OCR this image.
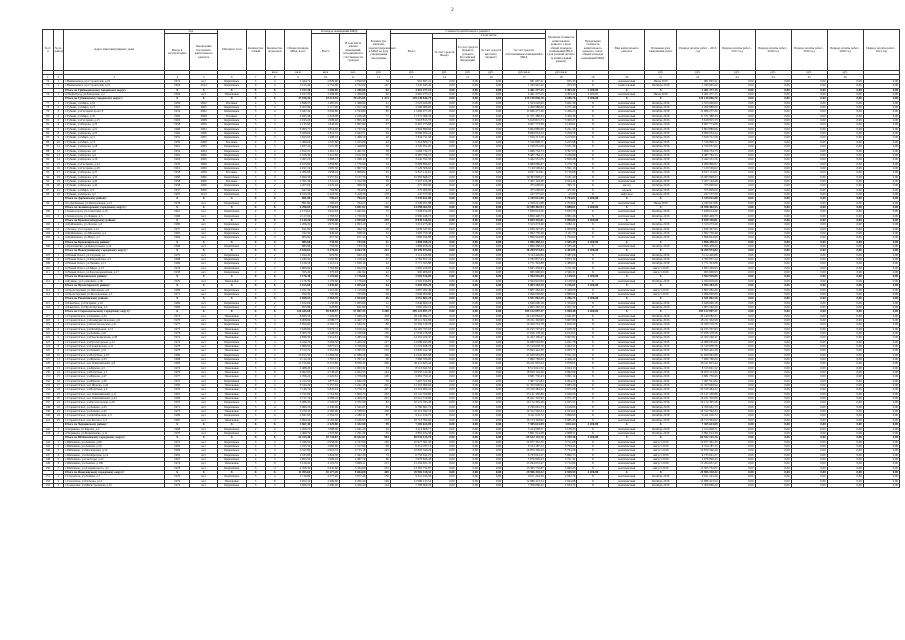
2
№ п/п	№ по району	Адрес многоквартирного дома	Год		Материал стен	Количество этажей	Количество подъездов	Общая площадь МКД, всего	Площадь помещений МКД:		Количество жителей, зарегистрированных в МКД на дату утверждения программы	Стоимость капитального ремонта					Удельная стоимость капитального ремонта 1 кв.м. общей площади помещений МКД (для разовой оплаты за капитальный ремонт)	Предельная стоимость капитального ремонта 1 кв.м. общей площади помещений МКД	Вид капитального ремонта	Плановая дата завершения работ	Период оплаты работ - 2016 год	Период оплаты работ - 2017 год	Период оплаты работ - 2018 год	Период оплаты работ - 2019 год	Период оплаты работ - 2020 год	Период оплаты работ - 2021 год
			Ввода в эксплуатацию	Проведения последнего капитального ремонта					Всего	В том числе жилых помещений, находящихся в собственности граждан		Всего	в том числе:													
													За счет средств Фонда	За счет средств бюджета субъекта Российской Федерации	За счет средств местного бюджета	За счет средств собственников помещений в МКД										
							кв.м	кв.м	кв.м	чел.	руб.	руб.	руб.	руб.	руб.	руб./кв.м	руб./кв.м			руб.	руб.	руб.	руб.	руб.	руб.	
1	2	3	4	5	6	7	8	9	10	11	12	13	14	15	16	17	18	19	20	21	22	23	24	25	26	
74	1	г.Нижнекамск, пр.Строителей, д.16	1974	нет	Кирпичные	5	4	3 444,72	2 829,90	2 829,90	59	961 697,21	0,00	0,00	0,00	961 697,21	935,35	X	комплексный	Июнь 2016	961 697,21	0,00	0,00	0,00	0,00	0,00
75	1	г.Нижнекамск, пр.Строителей, д.15	1993	2014	Кирпичные	9	4	5 155,40	4 752,00	4 752,00	147	1 345 945,42	0,00	0,00	0,00	1 345 945,42	253,35	X	капитальный	Октябрь 2016	1 345 945,42	0,00	0,00	0,00	0,00	0,00
		Итого по Грибоедовскому городскому округу	X	X	X	X	X	1 917,30	1 206,00	1 206,00	62	4 461 277,15	0,00	0,00	0,00	4 461 277,15	3 493,42	4 200,00	X	X	4 461 277,15	0,00	0,00	0,00	0,00	0,00
76	1	п.Нефтеброд, ул.Заводская, д.2	1984	нет	Панельные	5	3	1 917,30	1 206,00	1 206,00	62	4 461 277,15	0,00	0,00	0,00	4 461 277,15	3 493,42	4 200,00	комплексный	Июнь 2016	4 461 277,15	0,00	0,00	0,00	0,00	0,00
		Итого по Губкинскому городскому округу:	X	X	X	X	X	37 100,30	43 314,35	39 235,85	1 473	129 149 846,70	0,00	0,00	0,00	129 149 846,70	3 186,76	4 200,00	X	X	129 149 846,70	0,00	0,00	0,00	0,00	0,00
77	1	г.Губкин, ул.Мира, д.10	1959	2002	Блочные	4	3	1 848,57	1 487,05	1 368,90	41	2 523 020,00	0,00	0,00	0,00	2 523 020,00	3 061,39	X	комплексный	Октябрь 2016	2 523 020,00	0,00	0,00	0,00	0,00	0,00
78	2	г.Губкин, ул.Мира, д.15	1961	2005	Кирпичные	5	4	3 457,80	2 117,90	1 917,20	90	4 290 986,00	0,00	0,00	0,00	4 290 986,00	3 271,48	X	комплексный	Октябрь 2016	4 290 986,00	0,00	0,00	0,00	0,00	0,00
79	3	г.Губкин, ул.Гагарина пр-кт, 8	1954	2002	Кирпичные	5	4	3 447,20	3 004,80	2 763,80	85	11 966 277,20	0,00	0,00	0,00	11 966 277,20	3 456,23	X	комплексный	Октябрь 2016	11 966 277,20	0,00	0,00	0,00	0,00	0,00
80	4	г.Губкин, ул.Мира, д.35	1960	2008	Блочные	4	3	2 645,48	2 318,08	2 229,48	71	11 371 380,33	0,00	0,00	0,00	11 371 380,33	3 400,39	X	комплексный	Октябрь 2016	11 371 380,33	0,00	0,00	0,00	0,00	0,00
81	5	г.Губкин, ул.Гагарина, д.15	1963	2008	Кирпичные	5	4	2 193,20	1 906,40	1 805,40	45	5 618 815,73	0,00	0,00	0,00	5 618 815,73	3 303,27	X	комплексный	Октябрь 2016	5 618 815,73	0,00	0,00	0,00	0,00	0,00
82	6	г.Губкин, ул.Кирова, д.25	1958	2006	Кирпичные	5	3	2 135,90	1 844,20	1 697,90	57	6 907 773,68	0,00	0,00	0,00	6 907 773,68	3 148,61	X	комплексный	Октябрь 2016	6 907 773,68	0,00	0,00	0,00	0,00	0,00
83	7	г.Губкин, ул.Кирова, д.21	1960	2004	Кирпичные	4	3	3 093,77	1 814,40	1 727,24	73	3 804 880,66	0,00	0,00	0,00	3 804 880,66	3 221,43	X	комплексный	Октябрь 2016	3 804 880,66	0,00	0,00	0,00	0,00	0,00
84	8	г.Губкин, ул.Кирова, д.25	1962	2006	Кирпичные	5	3	3 429,64	2 811,37	2 643,71	64	8 999 054,24	0,00	0,00	0,00	8 999 054,24	3 220,56	X	комплексный	Октябрь 2016	8 999 054,24	0,00	0,00	0,00	0,00	0,00
85	9	г.Губкин, ул.Мира, д.11	1955	2005	Кирпичные	3	2	1 625,63	1 498,16	1 498,16	40	7 819 711,58	0,00	0,00	0,00	7 819 711,58	3 213,63	X	комплексный	Октябрь 2016	7 819 711,58	0,00	0,00	0,00	0,00	0,00
86	10	г.Губкин, ул.Мира, д.13	1959	2008	Блочные	4	3	1 499,00	1 325,80	1 325,80	49	5 316 806,71	0,00	0,00	0,00	5 316 806,71	3 225,98	X	комплексный	Октябрь 2016	5 316 806,71	0,00	0,00	0,00	0,00	0,00
87	11	г.Губкин, ул.Кирова, д.18	1961	2005	Кирпичные	4	3	1 637,20	1 521,90	1 428,80	36	4 720 051,00	0,00	0,00	0,00	4 720 051,00	3 101,39	X	комплексный	Октябрь 2016	4 720 051,00	0,00	0,00	0,00	0,00	0,00
88	12	г.Губкин, ул.Кирова, д.8	1954	2004	Кирпичные	3	2	1 812,21	1 491,51	1 491,51	38	5 066 734,73	0,00	0,00	0,00	5 066 734,73	3 397,03	X	комплексный	Октябрь 2016	5 066 734,73	0,00	0,00	0,00	0,00	0,00
89	13	г.Губкин, ул.Кирова, д.4	1962	2006	Кирпичные	5	4	3 108,30	2 611,80	2 611,80	79	8 487 784,15	0,00	0,00	0,00	8 487 784,15	3 249,80	X	комплексный	Октябрь 2016	8 487 784,15	0,00	0,00	0,00	0,00	0,00
90	14	г.Губкин, ул.Кирова, д.16	1963	2006	Кирпичные	4	3	1 267,23	1 208,13	1 208,13	37	3 442 551,56	0,00	0,00	0,00	3 442 551,56	2 849,48	X	комплексный	Октябрь 2016	3 442 551,56	0,00	0,00	0,00	0,00	0,00
91	15	г.Губкин, ул.Гагарина, д.24	1970	2006	Кирпичные	5	3	2 103,60	1 856,80	1 776,90	54	6 089 896,67	0,00	0,00	0,00	6 089 896,67	3 279,78	X	комплексный	Октябрь 2016	6 089 896,67	0,00	0,00	0,00	0,00	0,00
92	16	г.Губкин, ул.Гагарина, д.28	1961	2006	Кирпичные	5	3	2 197,10	1 985,30	1 867,50	53	7 129 506,62	0,00	0,00	0,00	7 129 506,62	3 591,16	X	комплексный	Октябрь 2016	7 129 506,62	0,00	0,00	0,00	0,00	0,00
93	17	г.Губкин, ул.Кирова, д.27	1958	2006	Блочные	4	3	2 281,88	1 958,24	1 908,64	63	9 817 114,61	0,00	0,00	0,00	9 817 114,61	3 716,68	X	комплексный	Октябрь 2016	9 817 114,61	0,00	0,00	0,00	0,00	0,00
94	18	г.Губкин, ул.Кирова, д.33	1960	2006	Кирпичные	5	4	3 826,30	3 257,64	3 157,76	83	10 363 848,27	0,00	0,00	0,00	10 363 848,27	3 181,40	X	комплексный	Октябрь 2016	10 363 848,27	0,00	0,00	0,00	0,00	0,00
95	19	г.Губкин, ул.Кирова, д.40	1958	2006	Блочные	4	3	1 701,36	1 511,24	1 412,36	39	7 457 124,48	0,00	0,00	0,00	7 457 124,48	4 934,44	X	комплексный	Октябрь 2016	7 457 124,48	0,00	0,00	0,00	0,00	0,00
96	20	г.Губкин, ул.Кирова, д.42	1958	2006	Кирпичные	3	2	1 207,00	1 025,40	968,30	28	375 000,00	0,00	0,00	0,00	375 000,00	365,71	X	фасад	Октябрь 2016	375 000,00	0,00	0,00	0,00	0,00	0,00
97	21	г.Губкин, ул.Мира, д.3	1957	2006	Кирпичные	3	2	947,99	794,80	794,80	23	375 000,00	0,00	0,00	0,00	375 000,00	471,81	X	кровля	Октябрь 2016	375 000,00	0,00	0,00	0,00	0,00	0,00
98	22	г.Губкин, ул.Кирова, д.2	1997	2014	Кирпичные	5	4	6 015,20	5 418,30	5 418,30	178	247 577,00	0,00	0,00	0,00	247 577,00	45,69	X	лифтовое	Октябрь 2016	247 577,00	0,00	0,00	0,00	0,00	0,00
		Итого по Дербенскому району:	X	X	X	X	X	891,80	794,23	794,23	41	2 339 021,88	0,00	0,00	0,00	2 339 021,88	2 704,02	4 200,00	X	X	2 339 021,88	0,00	0,00	0,00	0,00	0,00
99	1	пгт.Дербеньки, ул.Центральная, д.15	1978	нет	Кирпичные	2	2	891,80	794,23	794,23	41	2 339 021,88	0,00	0,00	0,00	2 339 021,88	2 704,02	X	комплексный	Июнь 2016	2 339 021,88	0,00	0,00	0,00	0,00	0,00
		Итого по Зеленогорскому городскому округу:	X	X	X	X	X	4 290,05	3 734,94	3 691,92	126	14 598 462,93	0,00	0,00	0,00	14 598 462,93	3 888,01	4 200,00	X	X	14 598 462,93	0,00	0,00	0,00	0,00	0,00
100	1	г.Зеленогорск, ул.Советская, д.13	1961	нет	Кирпичные	4	3	2 173,01	1 941,62	1 941,62	75	7 638 014,20	0,00	0,00	0,00	7 638 014,20	3 933,79	X	комплексный	Октябрь 2016	7 638 014,20	0,00	0,00	0,00	0,00	0,00
101	2	г.Зеленогорск, ул.Ленина, д.5	1960	нет	Кирпичные	4	3	2 117,04	1 793,32	1 750,30	51	6 960 448,73	0,00	0,00	0,00	6 960 448,73	3 881,26	X	комплексный	Октябрь 2016	6 960 448,73	0,00	0,00	0,00	0,00	0,00
		Итого по Краснослободскому району:	X	X	X	X	X	3 144,20	2 955,40	2 935,60	139	8 839 316,81	0,00	0,00	0,00	8 839 316,81	2 990,84	4 200,00	X	X	8 839 316,81	0,00	0,00	0,00	0,00	0,00
102	1	п.Куйбышево, ул.Лесная, д.3	1980	нет	Кирпичные	2	2	1 206,20	1 075,00	1 063,10	47	3 313 273,40	0,00	0,00	0,00	3 313 273,40	3 082,11	X	комплексный	Октябрь 2016	3 313 273,40	0,00	0,00	0,00	0,00	0,00
103	2	с.Лесное, ул.Садовая, д.21	1957	нет	Кирпичные	2	2	611,80	562,50	562,50	28	1 636 347,95	0,00	0,00	0,00	1 636 347,95	2 909,06	X	комплексный	Октябрь 2016	1 636 347,95	0,00	0,00	0,00	0,00	0,00
104	3	п.Куйбышево, ул.Школьная, д.4	1965	нет	Кирпичные	2	2	722,30	640,40	638,50	33	1 992 750,48	0,00	0,00	0,00	1 992 750,48	3 111,73	X	комплексный	Октябрь 2016	1 992 750,48	0,00	0,00	0,00	0,00	0,00
105	4	п.Куйбышево, ул.Мира, д.7	1964	нет	Кирпичные	2	2	603,90	677,50	671,50	31	1 896 944,98	0,00	0,00	0,00	1 896 944,98	2 799,92	X	комплексный	Октябрь 2016	1 896 944,98	0,00	0,00	0,00	0,00	0,00
		Итого по Красноярскому району:	X	X	X	X	X	885,68	733,50	733,50	41	1 896 458,24	0,00	0,00	0,00	1 896 458,24	2 585,49	4 200,00	X	X	1 896 458,24	0,00	0,00	0,00	0,00	0,00
106	1	с.Красный Яр, ул.Центральная, д.14	1968	нет	Кирпичные	2	2	885,68	733,50	733,50	41	1 896 458,24	0,00	0,00	0,00	1 896 458,24	2 585,49	X	комплексный	Октябрь 2016	1 896 458,24	0,00	0,00	0,00	0,00	0,00
		Итого по Новокузнецкому городскому округу:	X	X	X	X	X	5 630,04	5 376,26	4 944,78	223	18 299 974,84	0,00	0,00	0,00	18 299 974,84	3 403,85	4 200,00	X	X	18 299 974,84	0,00	0,00	0,00	0,00	0,00
107	1	п.Новый Оскол, ул.Садовая, д.1	1970	нет	Кирпичные	2	2	1 044,42	919,50	842,30	46	3 114 426,86	0,00	0,00	0,00	3 114 426,86	3 387,09	X	комплексный	Октябрь 2016	3 114 426,86	0,00	0,00	0,00	0,00	0,00
108	2	п.Новый Оскол, ул.Гвардейская, д.5	1968	нет	Кирпичные	2	2	1 240,34	1 203,80	1 158,40	47	4 782 857,24	0,00	0,00	0,00	4 782 857,24	3 973,10	X	комплексный	Октябрь 2016	4 782 857,24	0,00	0,00	0,00	0,00	0,00
109	3	п.Новый Оскол, ул.Ленина, д.11	1969	нет	Кирпичные	2	2	1 129,18	1 113,14	1 050,16	44	2 771 323,88	0,00	0,00	0,00	2 771 323,88	2 489,65	X	комплексный	Октябрь 2016	2 771 323,88	0,00	0,00	0,00	0,00	0,00
110	4	п.Новый Оскол, ул.Мира, д.13	1976	нет	Кирпичные	2	2	1 860,90	1 763,89	1 652,00	64	5 665 459,93	0,00	0,00	0,00	5 665 459,93	3 211,90	X	комплексный	Август 2016	5 665 459,93	0,00	0,00	0,00	0,00	0,00
111	5	п.Новый Оскол, ул.Красноармейская, д.17	1958	нет	Кирпичные	2	2	355,20	375,93	241,92	22	965 906,93	0,00	0,00	0,00	965 906,93	2 569,31	X	комплексный	Август 2016	965 906,93	0,00	0,00	0,00	0,00	0,00
		Итого по Павловскому району:	X	X	X	X	X	1 176,30	1 176,60	1 176,60	51	2 504 916,09	0,00	0,00	0,00	2 504 916,09	2 128,93	4 200,00	X	X	2 504 916,09	0,00	0,00	0,00	0,00	0,00
112	1	п.Бунино, ул.Солнечная, д.1Б	1979	нет	Панельные	2	2	1 176,30	1 176,60	1 176,60	51	2 504 916,09	0,00	0,00	0,00	2 504 916,09	2 128,93	X	комплексный	Октябрь 2016	2 504 916,09	0,00	0,00	0,00	0,00	0,00
		Итого по Пролетарскому району:	X	X	X	X	X	2 013,60	1 835,60	1 835,60	64	5 903 283,29	0,00	0,00	0,00	5 903 283,29	3 216,01	4 200,00	X	X	5 903 283,29	0,00	0,00	0,00	0,00	0,00
113	1	п.Пролетарский, ул.Школьная, д.8	1969	нет	Кирпичные	2	2	1 221,30	1 110,00	1 110,00	38	3 807 282,49	0,00	0,00	0,00	3 807 282,49	3 430,00	X	комплексный	Август 2016	3 807 282,49	0,00	0,00	0,00	0,00	0,00
114	2	п.Пролетарский, ул.Молодежная, д.3	1971	нет	Кирпичные	2	2	792,30	725,60	725,60	26	2 096 000,80	0,00	0,00	0,00	2 096 000,80	2 888,64	X	комплексный	Август 2016	2 096 000,80	0,00	0,00	0,00	0,00	0,00
		Итого по Ракитянскому району:	X	X	X	X	X	2 058,53	2 062,70	1 924,80	66	4 551 862,28	0,00	0,00	0,00	4 551 862,28	2 206,75	4 200,00	X	X	4 551 862,28	0,00	0,00	0,00	0,00	0,00
115	1	п.Ракитное, ул.Гагарина, д.10	1969	нет	Кирпичные	2	2	1 102,64	1 133,90	1 003,00	41	2 646 600,18	0,00	0,00	0,00	2 646 600,18	2 334,00	X	комплексный	Октябрь 2016	2 646 600,18	0,00	0,00	0,00	0,00	0,00
116	2	п.Ракитное, ул.Пролетарская, д.4	1969	нет	Кирпичные	2	2	955,89	928,80	921,80	25	1 905 262,10	0,00	0,00	0,00	1 905 262,10	2 051,32	X	комплексный	Октябрь 2016	1 905 262,10	0,00	0,00	0,00	0,00	0,00
		Итого по Старооскольскому городскому округу:	X	X	X	X	X	126 445,68	99 830,57	97 897,23	4 200	399 122 097,27	0,00	0,00	0,00	399 122 097,27	3 998,48	4 200,00	X	X	399 122 097,27	0,00	0,00	0,00	0,00	0,00
117	1	г.Старый Оскол, ул.Ленина, д.43	1973	нет	Панельные	9	4	8 830,50	7 209,90	7 069,22	338	29 140 082,27	0,00	0,00	0,00	29 140 082,27	4 041,67	X	комплексный	Октябрь 2016	29 140 082,27	0,00	0,00	0,00	0,00	0,00
118	2	г.Старый Оскол, ул.Коммунистическая, д.9	1970	нет	Кирпичные	5	4	6 008,60	4 589,77	4 447,17	139	18 211 302,98	0,00	0,00	0,00	18 211 302,98	3 967,80	X	комплексный	Октябрь 2016	18 211 302,98	0,00	0,00	0,00	0,00	0,00
119	3	г.Старый Оскол, ул.Комсомольская, д.21	1977	нет	Кирпичные	5	4	3 050,00	2 595,73	2 562,32	80	10 459 719,78	0,00	0,00	0,00	10 459 719,78	4 029,50	X	комплексный	Октябрь 2016	10 459 719,78	0,00	0,00	0,00	0,00	0,00
120	4	г.Старый Оскол, ул.Октябрьская, д.15	1975	нет	Панельные	9	4	7 638,80	5 976,73	5 916,24	230	24 195 707,63	0,00	0,00	0,00	24 195 707,63	4 048,30	X	комплексный	Октябрь 2016	24 195 707,63	0,00	0,00	0,00	0,00	0,00
121	5	г.Старый Оскол, ул.Ленина, д.67	1976	нет	Панельные	5	6	5 505,70	4 248,58	4 109,98	159	17 056 178,58	0,00	0,00	0,00	17 056 178,58	4 014,55	X	комплексный	Октябрь 2016	17 056 178,58	0,00	0,00	0,00	0,00	0,00
122	6	г.Старый Оскол, ул.Революционная, д.38	1974	нет	Панельные	5	4	4 836,30	3 614,81	3 485,54	136	14 452 100,47	0,00	0,00	0,00	14 452 100,47	3 997,81	X	комплексный	Октябрь 2016	14 452 100,47	0,00	0,00	0,00	0,00	0,00
123	7	г.Старый Оскол, ул.Пролетарская, д.12	1972	нет	Кирпичные	5	4	4 432,70	3 494,50	3 420,30	127	14 089 045,09	0,00	0,00	0,00	14 089 045,09	4 031,78	X	комплексный	Октябрь 2016	14 089 045,09	0,00	0,00	0,00	0,00	0,00
124	8	г.Старый Оскол, ул.Гражданская, д.11	1978	нет	Панельные	9	2	4 998,50	3 877,43	3 798,80	146	15 519 638,78	0,00	0,00	0,00	15 519 638,78	4 002,57	X	комплексный	Октябрь 2016	15 519 638,78	0,00	0,00	0,00	0,00	0,00
125	9	г.Старый Оскол, ул.Ленина, д.51	1978	нет	Панельные	5	4	4 512,74	3 451,84	3 395,54	133	13 820 442,38	0,00	0,00	0,00	13 820 442,38	4 003,77	X	комплексный	Октябрь 2016	13 820 442,38	0,00	0,00	0,00	0,00	0,00
126	10	г.Старый Оскол, ул.Ватутина, д.18	1980	нет	Кирпичные	9	4	13 815,30	11 806,38	11 686,28	346	41 929 965,88	0,00	0,00	0,00	41 929 965,88	3 551,43	X	комплексный	Октябрь 2016	41 929 965,88	0,00	0,00	0,00	0,00	0,00
127	11	г.Старый Оскол, ул.Жукова, д.23	1968	нет	Кирпичные	5	2	2 112,10	1 797,21	1 797,21	56	7 990 760,00	0,00	0,00	0,00	7 990 760,00	4 446,22	X	комплексный	Октябрь 2016	7 990 760,00	0,00	0,00	0,00	0,00	0,00
128	12	г.Старый Оскол, м-н Олимпийский, д.8	1983	нет	Панельные	9	4	11 155,60	9 151,80	8 959,30	299	36 411 823,44	0,00	0,00	0,00	36 411 823,44	3 978,65	X	комплексный	Октябрь 2016	36 411 823,44	0,00	0,00	0,00	0,00	0,00
129	13	г.Старый Оскол, ул.Жукова, д.5	1972	нет	Панельные	5	4	2 488,20	2 115,74	2 003,32	53	8 513 641,52	0,00	0,00	0,00	8 513 641,52	4 024,13	X	комплексный	Октябрь 2016	8 513 641,52	0,00	0,00	0,00	0,00	0,00
130	14	г.Старый Оскол, ул.Ватутина, д.1	1979	нет	Панельные	5	6	6 062,95	4 746,20	4 624,55	144	18 950 124,49	0,00	0,00	0,00	18 950 124,49	3 992,69	X	комплексный	Октябрь 2016	18 950 124,49	0,00	0,00	0,00	0,00	0,00
131	15	г.Старый Оскол, ул.Жукова, д.47	1977	нет	Панельные	9	4	2 706,24	2 425,81	2 376,08	106	9 681 750,43	0,00	0,00	0,00	9 681 750,43	3 991,14	X	комплексный	Октябрь 2016	9 681 750,43	0,00	0,00	0,00	0,00	0,00
132	16	г.Старый Оскол, ул.Жукова, д.39	1975	нет	Кирпичные	5	2	2 214,50	1 877,10	1 842,20	59	7 497 521,84	0,00	0,00	0,00	7 497 521,84	3 994,20	X	комплексный	Октябрь 2016	7 497 521,84	0,00	0,00	0,00	0,00	0,00
133	17	г.Старый Оскол, м-н Жукова, д.42	1982	нет	Панельные	9	4	6 534,20	5 357,94	5 241,38	201	21 353 090,94	0,00	0,00	0,00	21 353 090,94	3 985,26	X	комплексный	Октябрь 2016	21 353 090,94	0,00	0,00	0,00	0,00	0,00
134	18	г.Старый Оскол, ул.Ватутина, д.2	1979	нет	Панельные	9	4	7 146,70	5 870,43	5 770,13	207	23 316 484,22	0,00	0,00	0,00	23 316 484,22	3 971,86	X	комплексный	Октябрь 2016	23 316 484,22	0,00	0,00	0,00	0,00	0,00
135	19	г.Старый Оскол, м-н Олимпийский, д.11	1981	нет	Панельные	9	3	7 211,60	5 714,62	5 609,72	232	23 141 350,86	0,00	0,00	0,00	23 141 350,86	4 049,50	X	комплексный	Октябрь 2016	23 141 350,86	0,00	0,00	0,00	0,00	0,00
136	20	г.Старый Оскол, м-н Олимпийский, д.24	1983	нет	Панельные	9	4	5 717,10	4 588,16	4 409,23	201	18 221 310,99	0,00	0,00	0,00	18 221 310,99	3 971,37	X	комплексный	Октябрь 2016	18 221 310,99	0,00	0,00	0,00	0,00	0,00
137	21	г.Старый Оскол, ул.Пролетарская, д.59	1970	нет	Кирпичные	5	4	3 088,45	2 526,97	2 471,60	82	10 172 395,28	0,00	0,00	0,00	10 172 395,28	4 025,51	X	комплексный	Октябрь 2016	10 172 395,28	0,00	0,00	0,00	0,00	0,00
138	22	г.Старый Оскол, ул.Ленина, д.43	1971	нет	Кирпичные	5	4	3 066,10	2 430,06	2 341,67	83	9 760 661,73	0,00	0,00	0,00	9 760 661,73	4 016,63	X	комплексный	Октябрь 2016	9 760 661,73	0,00	0,00	0,00	0,00	0,00
139	23	г.Старый Оскол, ул.Ленина, д.45	1973	нет	Панельные	9	2	3 270,43	2 563,00	2 538,55	100	10 312 592,34	0,00	0,00	0,00	10 312 592,34	4 023,64	X	комплексный	Октябрь 2016	10 312 592,34	0,00	0,00	0,00	0,00	0,00
140	24	г.Старый Оскол, ул.Октябрьская, д.3	1969	нет	Кирпичные	5	4	2 947,93	2 354,55	2 289,11	87	9 411 016,72	0,00	0,00	0,00	9 411 016,72	3 996,95	X	комплексный	Октябрь 2016	9 411 016,72	0,00	0,00	0,00	0,00	0,00
141	25	г.Старый Оскол, м-н Космос, д.3	1981	нет	Панельные	9	4	5 094,44	4 193,60	4 106,65	174	16 713 394,92	0,00	0,00	0,00	16 713 394,92	3 985,45	X	комплексный	Октябрь 2016	16 713 394,92	0,00	0,00	0,00	0,00	0,00
		Итого по Чернянскому району:	X	X	X	X	X	2 667,40	2 425,80	2 332,50	99	7 305 623,09	0,00	0,00	0,00	7 305 623,09	3 011,64	4 200,00	X	X	7 305 623,09	0,00	0,00	0,00	0,00	0,00
142	1	п.Чернянка, ул.Кирова, д.4	1968	нет	Кирпичные	2	2	1 206,70	1 088,00	1 041,20	44	3 414 608,71	0,00	0,00	0,00	3 414 608,71	3 138,43	X	комплексный	Октябрь 2016	3 414 608,71	0,00	0,00	0,00	0,00	0,00
143	2	п.Чернянка, ул.Маринченко, д.11	1970	нет	Кирпичные	2	2	1 460,70	1 337,80	1 291,30	55	3 891 014,38	0,00	0,00	0,00	3 891 014,38	2 908,51	X	комплексный	Октябрь 2016	3 891 014,38	0,00	0,00	0,00	0,00	0,00
		Итого по Шебекинскому городскому округу:	X	X	X	X	X	22 413,40	18 744,87	16 552,67	904	69 532 125,76	0,00	0,00	0,00	69 532 125,76	3 709,38	4 200,00	X	X	69 532 125,76	0,00	0,00	0,00	0,00	0,00
144	1	г.Шебекино, ул.Ленина, д.98	1972	нет	Кирпичные	5	4	3 446,50	2 958,00	2 747,60	109	10 977 361,30	0,00	0,00	0,00	10 977 361,30	3 711,08	X	комплексный	Август 2016	10 977 361,30	0,00	0,00	0,00	0,00	0,00
145	2	г.Шебекино, ул.Ленина, д.56	1965	нет	Кирпичные	4	3	1 915,50	1 683,60	1 517,90	68	6 314 187,13	0,00	0,00	0,00	6 314 187,13	3 750,41	X	комплексный	Август 2016	6 314 187,13	0,00	0,00	0,00	0,00	0,00
146	3	г.Шебекино, ул.Московская, д.10	1969	нет	Кирпичные	5	4	3 527,80	2 910,72	2 713,16	125	10 870 346,29	0,00	0,00	0,00	10 870 346,29	3 734,59	X	комплексный	Август 2016	10 870 346,29	0,00	0,00	0,00	0,00	0,00
147	4	г.Шебекино, ул.Октябрьская, д.14	1963	нет	Кирпичные	4	3	2 185,60	1 824,30	1 562,30	74	6 733 041,27	0,00	0,00	0,00	6 733 041,27	3 690,75	X	комплексный	Август 2016	6 733 041,27	0,00	0,00	0,00	0,00	0,00
148	5	г.Шебекино, ул.Свободы, д.22	1967	нет	Кирпичные	4	3	1 853,50	1 606,10	1 387,70	60	5 976 826,43	0,00	0,00	0,00	5 976 826,43	3 721,32	X	комплексный	Август 2016	5 976 826,43	0,00	0,00	0,00	0,00	0,00
149	6	г.Шебекино, ул.Ленина, д.106	1974	нет	Панельные	5	6	5 126,20	4 119,55	3 699,11	215	15 294 631,47	0,00	0,00	0,00	15 294 631,47	3 712,69	X	комплексный	Август 2016	15 294 631,47	0,00	0,00	0,00	0,00	0,00
150	7	г.Шебекино, ул.Дзержинского, д.5	1978	нет	Кирпичные	5	4	4 358,30	3 642,60	3 324,90	253	13 365 732,87	0,00	0,00	0,00	13 365 732,87	3 669,25	X	комплексный	Август 2016	13 365 732,87	0,00	0,00	0,00	0,00	0,00
		Итого по Яковлевскому городскому округу:	X	X	X	X	X	11 495,60	10 177,20	9 604,00	469	29 906 318,32	0,00	0,00	0,00	29 906 318,32	2 938,59	4 200,00	X	X	29 906 318,32	0,00	0,00	0,00	0,00	0,00
151	1	г.Строитель, ул.Ленина, д.7	1976	нет	Кирпичные	5	4	3 716,80	3 277,20	3 077,40	156	9 611 244,56	0,00	0,00	0,00	9 611 244,56	2 932,76	X	комплексный	Октябрь 2016	9 611 244,56	0,00	0,00	0,00	0,00	0,00
152	2	г.Строитель, ул.Победы, д.12	1979	нет	Панельные	5	6	4 952,10	4 409,60	4 200,20	199	12 986 413,54	0,00	0,00	0,00	12 986 413,54	2 944,98	X	комплексный	Октябрь 2016	12 986 413,54	0,00	0,00	0,00	0,00	0,00
153	3	г.Томаровка, ул.Магистральная, д.32	1974	нет	Кирпичные	3	3	2 826,70	2 490,40	2 326,40	114	7 308 660,22	0,00	0,00	0,00	7 308 660,22	2 934,74	X	комплексный	Октябрь 2016	7 308 660,22	0,00	0,00	0,00	0,00	0,00
